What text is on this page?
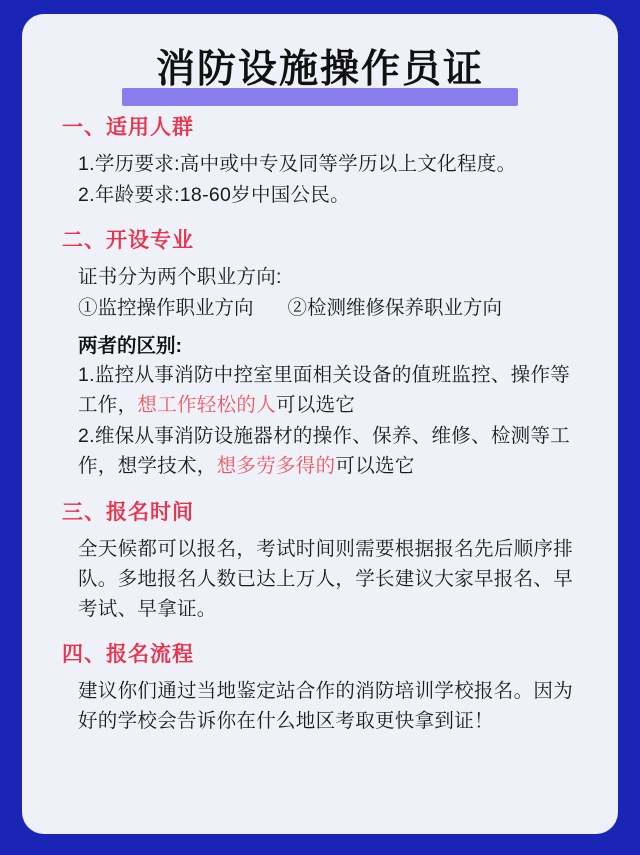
消防设施操作员证
一、适用人群
1.学历要求:高中或中专及同等学历以上文化程度。
2.年龄要求:18-60岁中国公民。
二、开设专业
证书分为两个职业方向:
①监控操作职业方向 ②检测维修保养职业方向
两者的区别:
1.监控从事消防中控室里面相关设备的值班监控、操作等工作，想工作轻松的人可以选它
2.维保从事消防设施器材的操作、保养、维修、检测等工作，想学技术，想多劳多得的可以选它
三、报名时间
全天候都可以报名，考试时间则需要根据报名先后顺序排队。多地报名人数已达上万人，学长建议大家早报名、早考试、早拿证。
四、报名流程
建议你们通过当地鉴定站合作的消防培训学校报名。因为好的学校会告诉你在什么地区考取更快拿到证！
